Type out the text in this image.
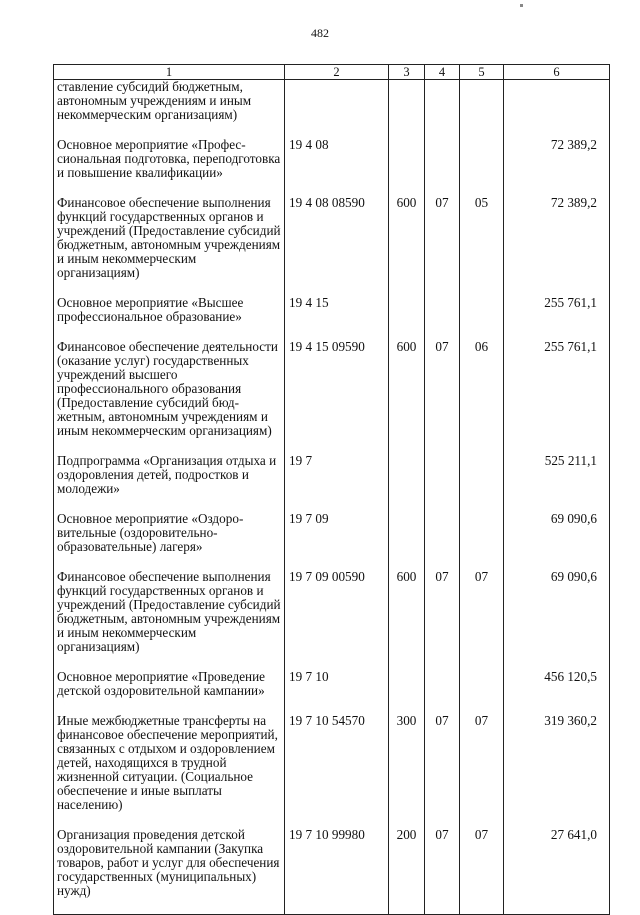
482
1	2	3	4	5	6
ставление субсидий бюджетным, автономным учреждениям и иным некоммерческим организациям)					
Основное мероприятие «Профессиональная подготовка, переподготовка и повышение квалификации»	19 4 08				72 389,2
Финансовое обеспечение выполнения функций государственных органов и учреждений (Предоставление субсидий бюджетным, автономным учреждениям и иным некоммерческим организациям)	19 4 08 08590	600	07	05	72 389,2
Основное мероприятие «Высшее профессиональное образование»	19 4 15				255 761,1
Финансовое обеспечение деятельности (оказание услуг) государственных учреждений высшего профессионального образования (Предоставление субсидий бюджетным, автономным учреждениям и иным некоммерческим организациям)	19 4 15 09590	600	07	06	255 761,1
Подпрограмма «Организация отдыха и оздоровления детей, подростков и молодежи»	19 7				525 211,1
Основное мероприятие «Оздоровительные (оздоровительно-образовательные) лагеря»	19 7 09				69 090,6
Финансовое обеспечение выполнения функций государственных органов и учреждений (Предоставление субсидий бюджетным, автономным учреждениям и иным некоммерческим организациям)	19 7 09 00590	600	07	07	69 090,6
Основное мероприятие «Проведение детской оздоровительной кампании»	19 7 10				456 120,5
Иные межбюджетные трансферты на финансовое обеспечение мероприятий, связанных с отдыхом и оздоровлением детей, находящихся в трудной жизненной ситуации. (Социальное обеспечение и иные выплаты населению)	19 7 10 54570	300	07	07	319 360,2
Организация проведения детской оздоровительной кампании (Закупка товаров, работ и услуг для обеспечения государственных (муниципальных) нужд)	19 7 10 99980	200	07	07	27 641,0
